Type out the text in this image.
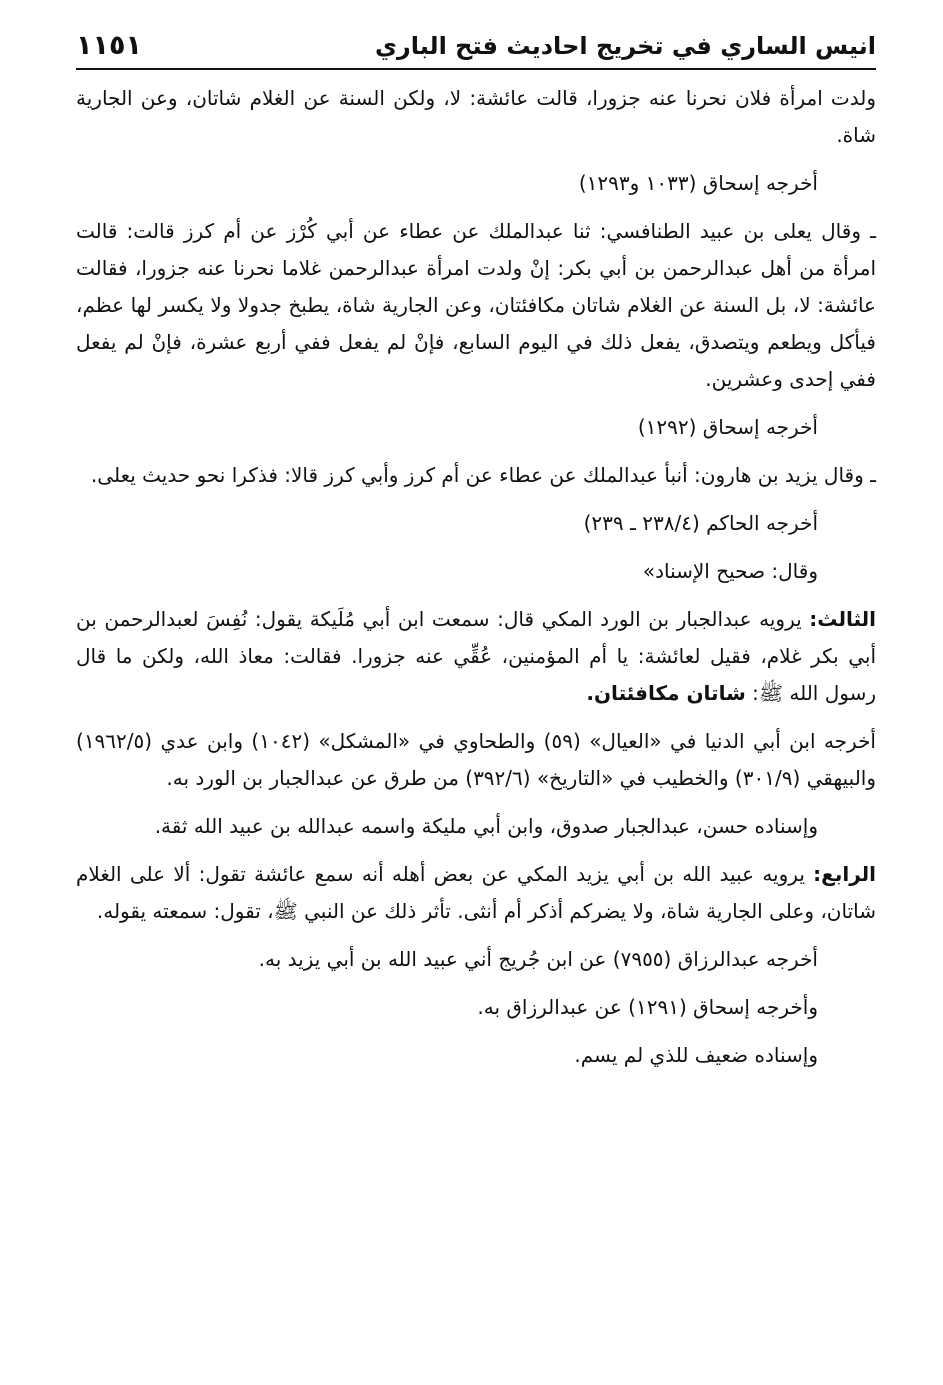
انيس الساري في تخريج احاديث فتح الباري
١١٥١

ولدت امرأة فلان نحرنا عنه جزورا، قالت عائشة: لا، ولكن السنة عن الغلام شاتان، وعن الجارية شاة.

أخرجه إسحاق (١٠٣٣ و١٢٩٣)

ـ وقال يعلى بن عبيد الطنافسي: ثنا عبدالملك عن عطاء عن أبي كُرْز عن أم كرز قالت: قالت امرأة من أهل عبدالرحمن بن أبي بكر: إنْ ولدت امرأة عبدالرحمن غلاما نحرنا عنه جزورا، فقالت عائشة: لا، بل السنة عن الغلام شاتان مكافئتان، وعن الجارية شاة، يطبخ جدولا ولا يكسر لها عظم، فيأكل ويطعم ويتصدق، يفعل ذلك في اليوم السابع، فإنْ لم يفعل ففي أربع عشرة، فإنْ لم يفعل ففي إحدى وعشرين.

أخرجه إسحاق (١٢٩٢)

ـ وقال يزيد بن هارون: أنبأ عبدالملك عن عطاء عن أم كرز وأبي كرز قالا: فذكرا نحو حديث يعلى.

أخرجه الحاكم (٢٣٨/٤ ـ ٢٣٩)

وقال: صحيح الإسناد»

الثالث: يرويه عبدالجبار بن الورد المكي قال: سمعت ابن أبي مُلَيكة يقول: نُفِسَ لعبدالرحمن بن أبي بكر غلام، فقيل لعائشة: يا أم المؤمنين، عُقِّي عنه جزورا. فقالت: معاذ الله، ولكن ما قال رسول الله ﷺ: شاتان مكافئتان.

أخرجه ابن أبي الدنيا في «العيال» (٥٩) والطحاوي في «المشكل» (١٠٤٢) وابن عدي (١٩٦٢/٥) والبيهقي (٣٠١/٩) والخطيب في «التاريخ» (٣٩٢/٦) من طرق عن عبدالجبار بن الورد به.

وإسناده حسن، عبدالجبار صدوق، وابن أبي مليكة واسمه عبدالله بن عبيد الله ثقة.

الرابع: يرويه عبيد الله بن أبي يزيد المكي عن بعض أهله أنه سمع عائشة تقول: ألا على الغلام شاتان، وعلى الجارية شاة، ولا يضركم أذكر أم أنثى. تأثر ذلك عن النبي ﷺ، تقول: سمعته يقوله.

أخرجه عبدالرزاق (٧٩٥٥) عن ابن جُريج أني عبيد الله بن أبي يزيد به.

وأخرجه إسحاق (١٢٩١) عن عبدالرزاق به.

وإسناده ضعيف للذي لم يسم.
